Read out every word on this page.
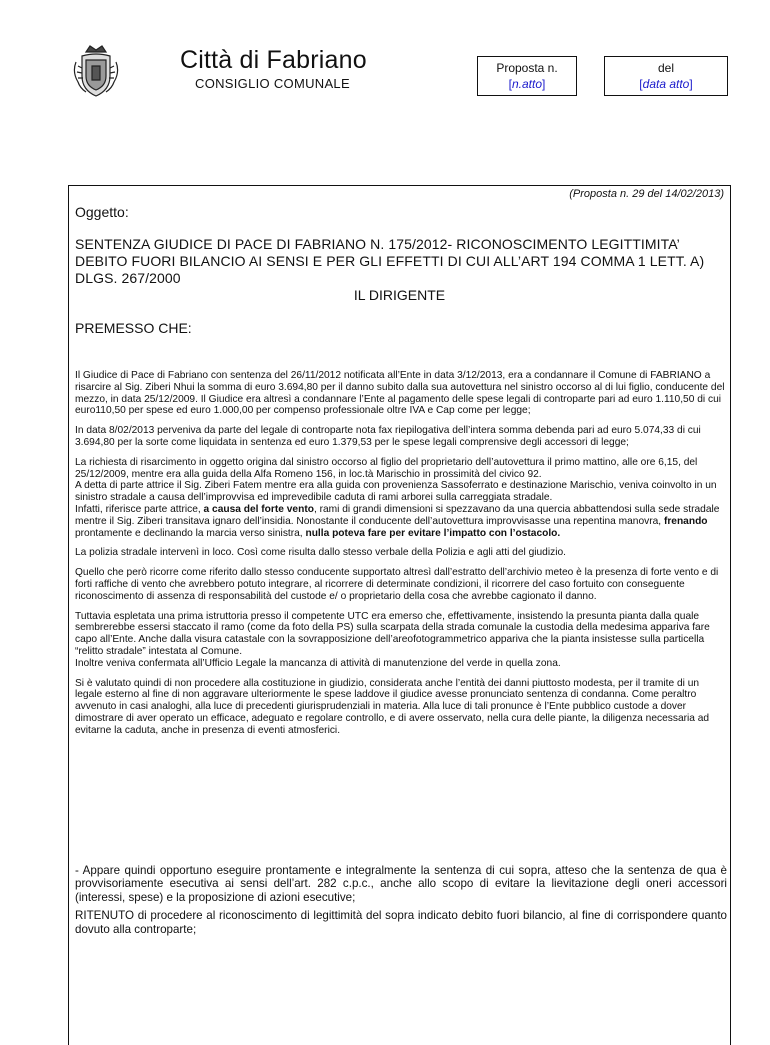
Città di Fabriano
CONSIGLIO COMUNALE
Proposta n.
[n.atto]
del
[data atto]
(Proposta n. 29 del 14/02/2013)
Oggetto:
SENTENZA GIUDICE DI PACE DI FABRIANO N. 175/2012- RICONOSCIMENTO LEGITTIMITA’ DEBITO FUORI BILANCIO AI SENSI E PER GLI EFFETTI DI CUI ALL’ART 194 COMMA 1 LETT. A) DLGS. 267/2000
IL DIRIGENTE
PREMESSO CHE:

Il Giudice di Pace di Fabriano con sentenza del 26/11/2012 notificata all’Ente in data 3/12/2013, era a condannare il Comune di FABRIANO a risarcire al Sig. Ziberi Nhui la somma di euro 3.694,80 per il danno subito dalla sua autovettura nel sinistro occorso al di lui figlio, conducente del mezzo, in data 25/12/2009. Il Giudice era altresì a condannare l’Ente al pagamento delle spese legali di controparte pari ad euro 1.110,50 di cui euro110,50 per spese ed euro 1.000,00 per compenso professionale oltre IVA e Cap come per legge;

In data 8/02/2013 perveniva da parte del legale di controparte nota fax riepilogativa dell’intera somma debenda pari ad euro 5.074,33 di cui 3.694,80 per la sorte come liquidata in sentenza ed euro 1.379,53 per le spese legali comprensive degli accessori di legge;

La richiesta di risarcimento in oggetto origina dal sinistro occorso al figlio del proprietario dell’autovettura il primo mattino, alle ore 6,15, del 25/12/2009, mentre era alla guida della Alfa Romeno 156, in loc.tà Marischio in prossimità del civico 92.
A detta di parte attrice il Sig. Ziberi Fatem mentre era alla guida con provenienza Sassoferrato e destinazione Marischio, veniva coinvolto in un sinistro stradale a causa dell’improvvisa ed imprevedibile caduta di rami arborei sulla carreggiata stradale.
Infatti, riferisce parte attrice, a causa del forte vento, rami di grandi dimensioni si spezzavano da una quercia abbattendosi sulla sede stradale mentre il Sig. Ziberi transitava ignaro dell’insidia. Nonostante il conducente dell’autovettura improvvisasse una repentina manovra, frenando prontamente e declinando la marcia verso sinistra, nulla poteva fare per evitare l’impatto con l’ostacolo.

La polizia stradale intervenì in loco. Così come risulta dallo stesso verbale della Polizia e agli atti del giudizio.

Quello che però ricorre come riferito dallo stesso conducente supportato altresì dall’estratto dell’archivio meteo è la presenza di forte vento e di forti raffiche di vento che avrebbero potuto integrare, al ricorrere di determinate condizioni, il ricorrere del caso fortuito con conseguente riconoscimento di assenza di responsabilità del custode e/ o proprietario della cosa che avrebbe cagionato il danno.

Tuttavia espletata una prima istruttoria presso il competente UTC era emerso che, effettivamente, insistendo la presunta pianta dalla quale sembrerebbe essersi staccato il ramo (come da foto della PS) sulla scarpata della strada comunale la custodia della medesima appariva fare capo all’Ente. Anche dalla visura catastale con la sovrapposizione dell’areofotogrammetrico appariva che la pianta insistesse sulla particella “relitto stradale” intestata al Comune.
Inoltre veniva confermata all’Ufficio Legale la mancanza di attività di manutenzione del verde in quella zona.

Si è valutato quindi di non procedere alla costituzione in giudizio, considerata anche l’entità dei danni piuttosto modesta, per il tramite di un legale esterno al fine di non aggravare ulteriormente le spese laddove il giudice avesse pronunciato sentenza di condanna. Come peraltro avvenuto in casi analoghi, alla luce di precedenti giurisprudenziali in materia. Alla luce di tali pronunce è l’Ente pubblico custode a dover dimostrare di aver operato un efficace, adeguato e regolare controllo, e di avere osservato, nella cura delle piante, la diligenza necessaria ad evitarne la caduta, anche in presenza di eventi atmosferici.

- Appare quindi opportuno eseguire prontamente e integralmente la sentenza di cui sopra, atteso che la sentenza de qua è provvisoriamente esecutiva ai sensi dell’art. 282 c.p.c., anche allo scopo di evitare la lievitazione degli oneri accessori (interessi, spese) e la proposizione di azioni esecutive;

RITENUTO di procedere al riconoscimento di legittimità del sopra indicato debito fuori bilancio, al fine di corrispondere quanto dovuto alla controparte;
